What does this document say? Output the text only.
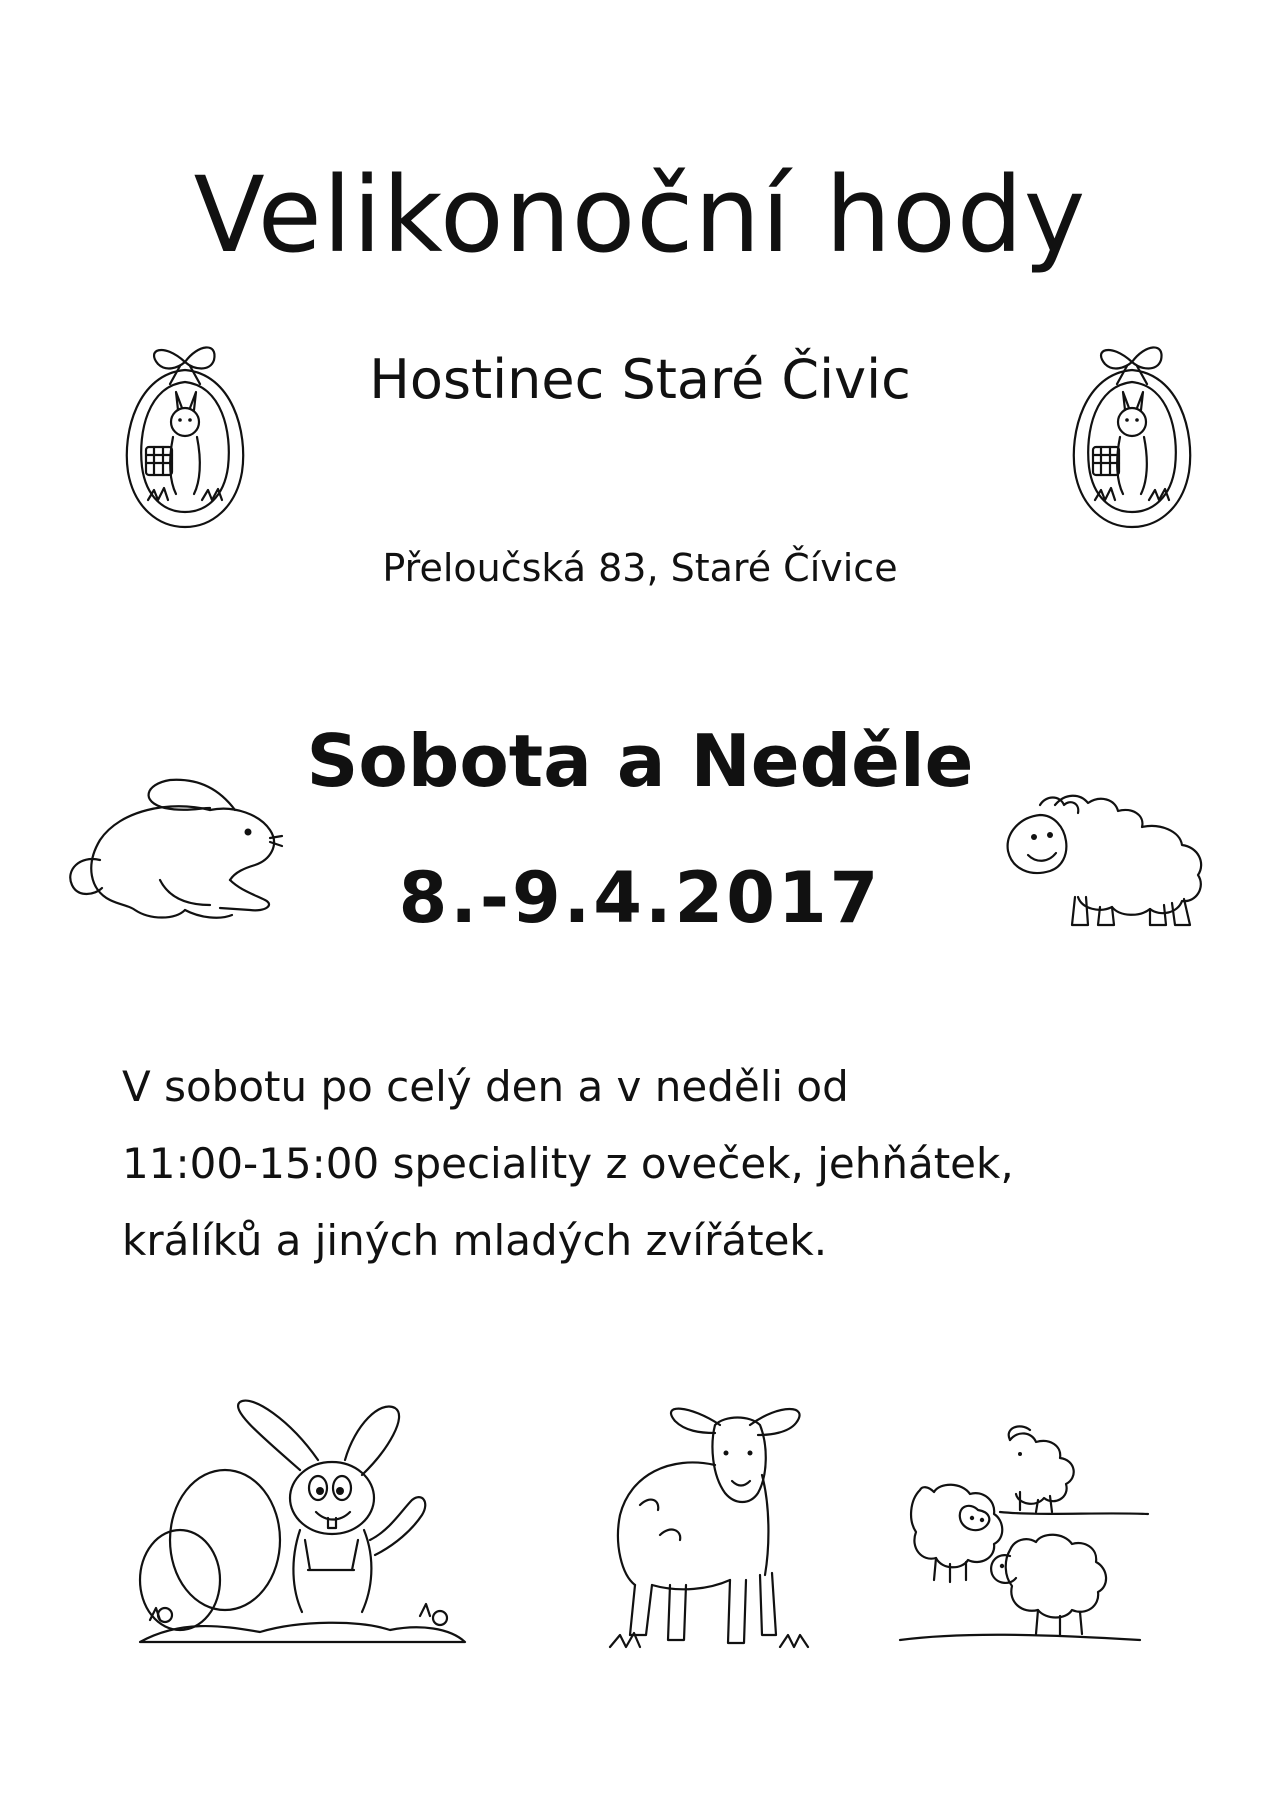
Velikonoční hody
Hostinec Staré Čivic
Přeloučská 83, Staré Čívice
Sobota a Neděle
8.-9.4.2017
V sobotu po celý den a v neděli od
11:00-15:00 speciality z oveček, jehňátek,
králíků a jiných mladých zvířátek.
